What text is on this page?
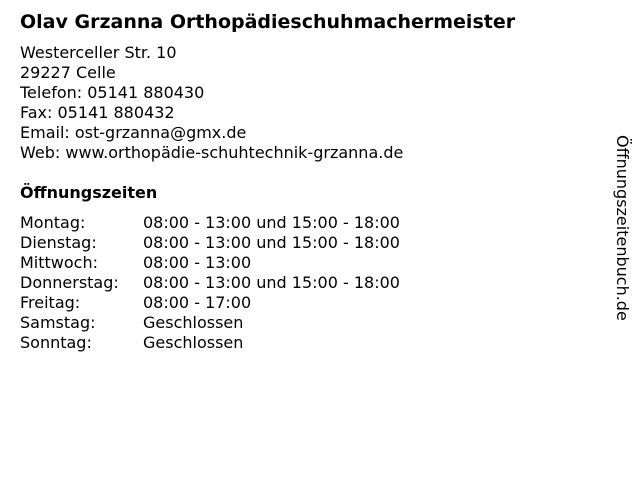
Olav Grzanna Orthopädieschuhmachermeister
Westerceller Str. 10
29227 Celle
Telefon: 05141 880430
Fax: 05141 880432
Email: ost-grzanna@gmx.de
Web: www.orthopädie-schuhtechnik-grzanna.de
Öffnungszeiten
Montag:	08:00 - 13:00 und 15:00 - 18:00
Dienstag:	08:00 - 13:00 und 15:00 - 18:00
Mittwoch:	08:00 - 13:00
Donnerstag: 08:00 - 13:00 und 15:00 - 18:00
Freitag:	08:00 - 17:00
Samstag:	Geschlossen
Sonntag:	Geschlossen
Öffnungszeitenbuch.de
